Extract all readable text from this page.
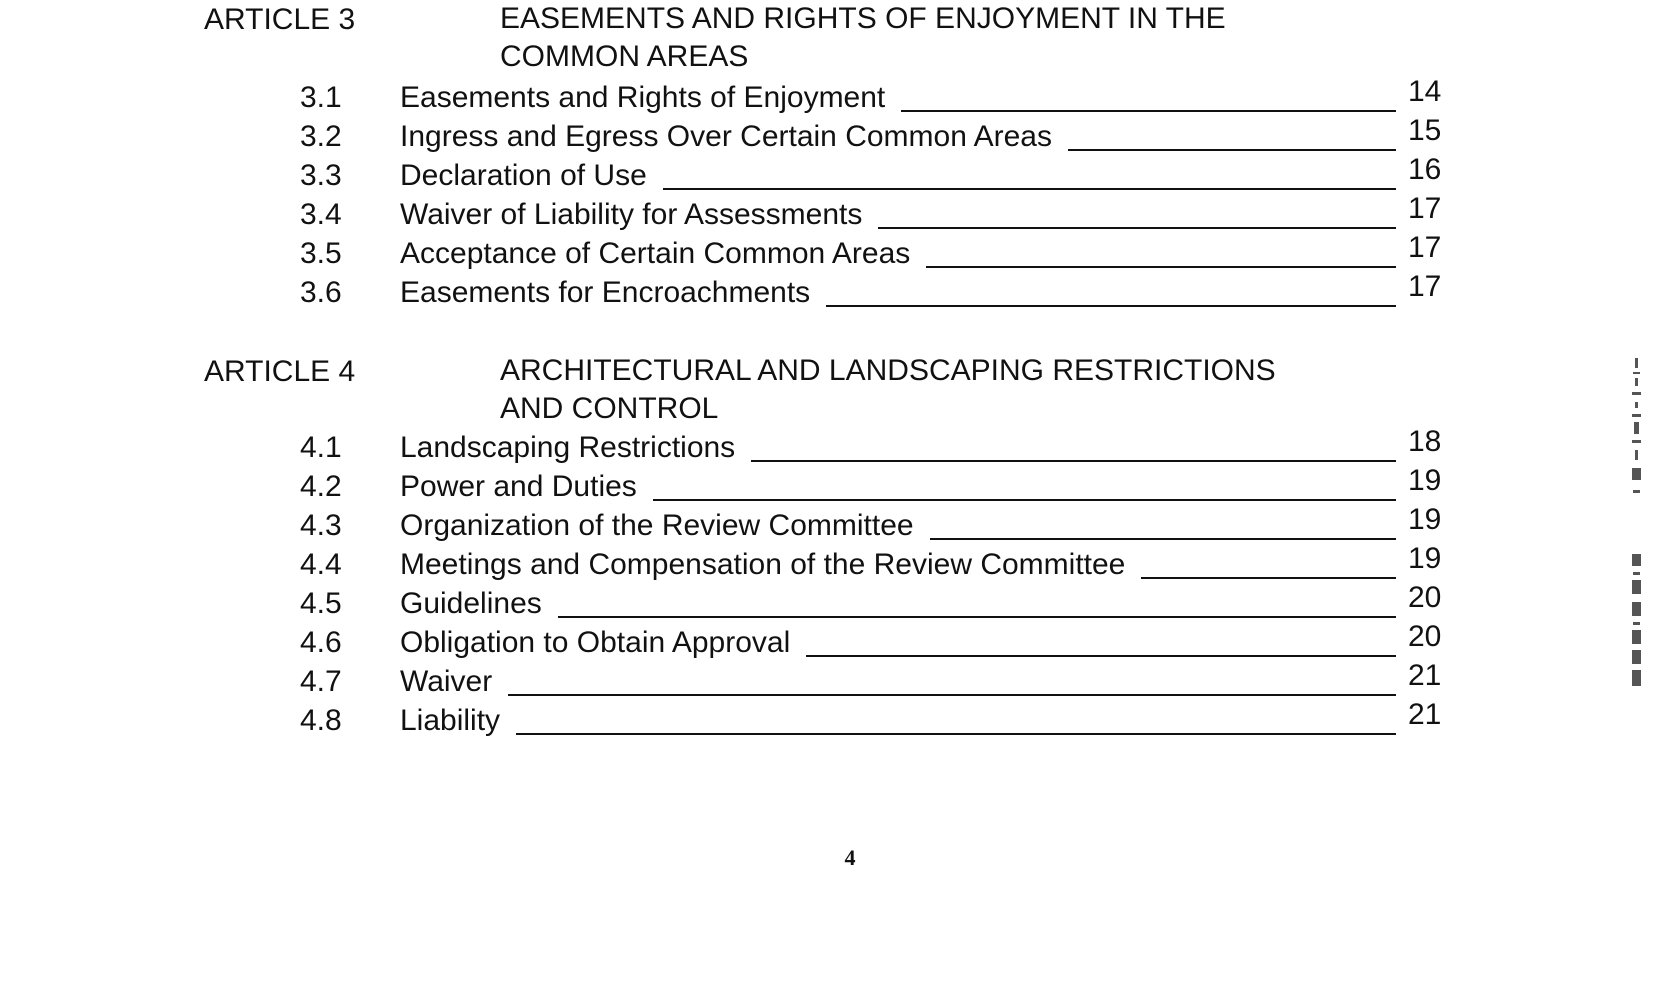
ARTICLE 3	EASEMENTS AND RIGHTS OF ENJOYMENT IN THE
COMMON AREAS
3.1 Easements and Rights of Enjoyment	14
3.2 Ingress and Egress Over Certain Common Areas	15
3.3 Declaration of Use	16
3.4 Waiver of Liability for Assessments	17
3.5 Acceptance of Certain Common Areas	17
3.6 Easements for Encroachments	17
ARTICLE 4	ARCHITECTURAL AND LANDSCAPING RESTRICTIONS
AND CONTROL
4.1 Landscaping Restrictions	18
4.2 Power and Duties	19
4.3 Organization of the Review Committee	19
4.4 Meetings and Compensation of the Review Committee	19
4.5 Guidelines	20
4.6 Obligation to Obtain Approval	20
4.7 Waiver	21
4.8 Liability	21
4
